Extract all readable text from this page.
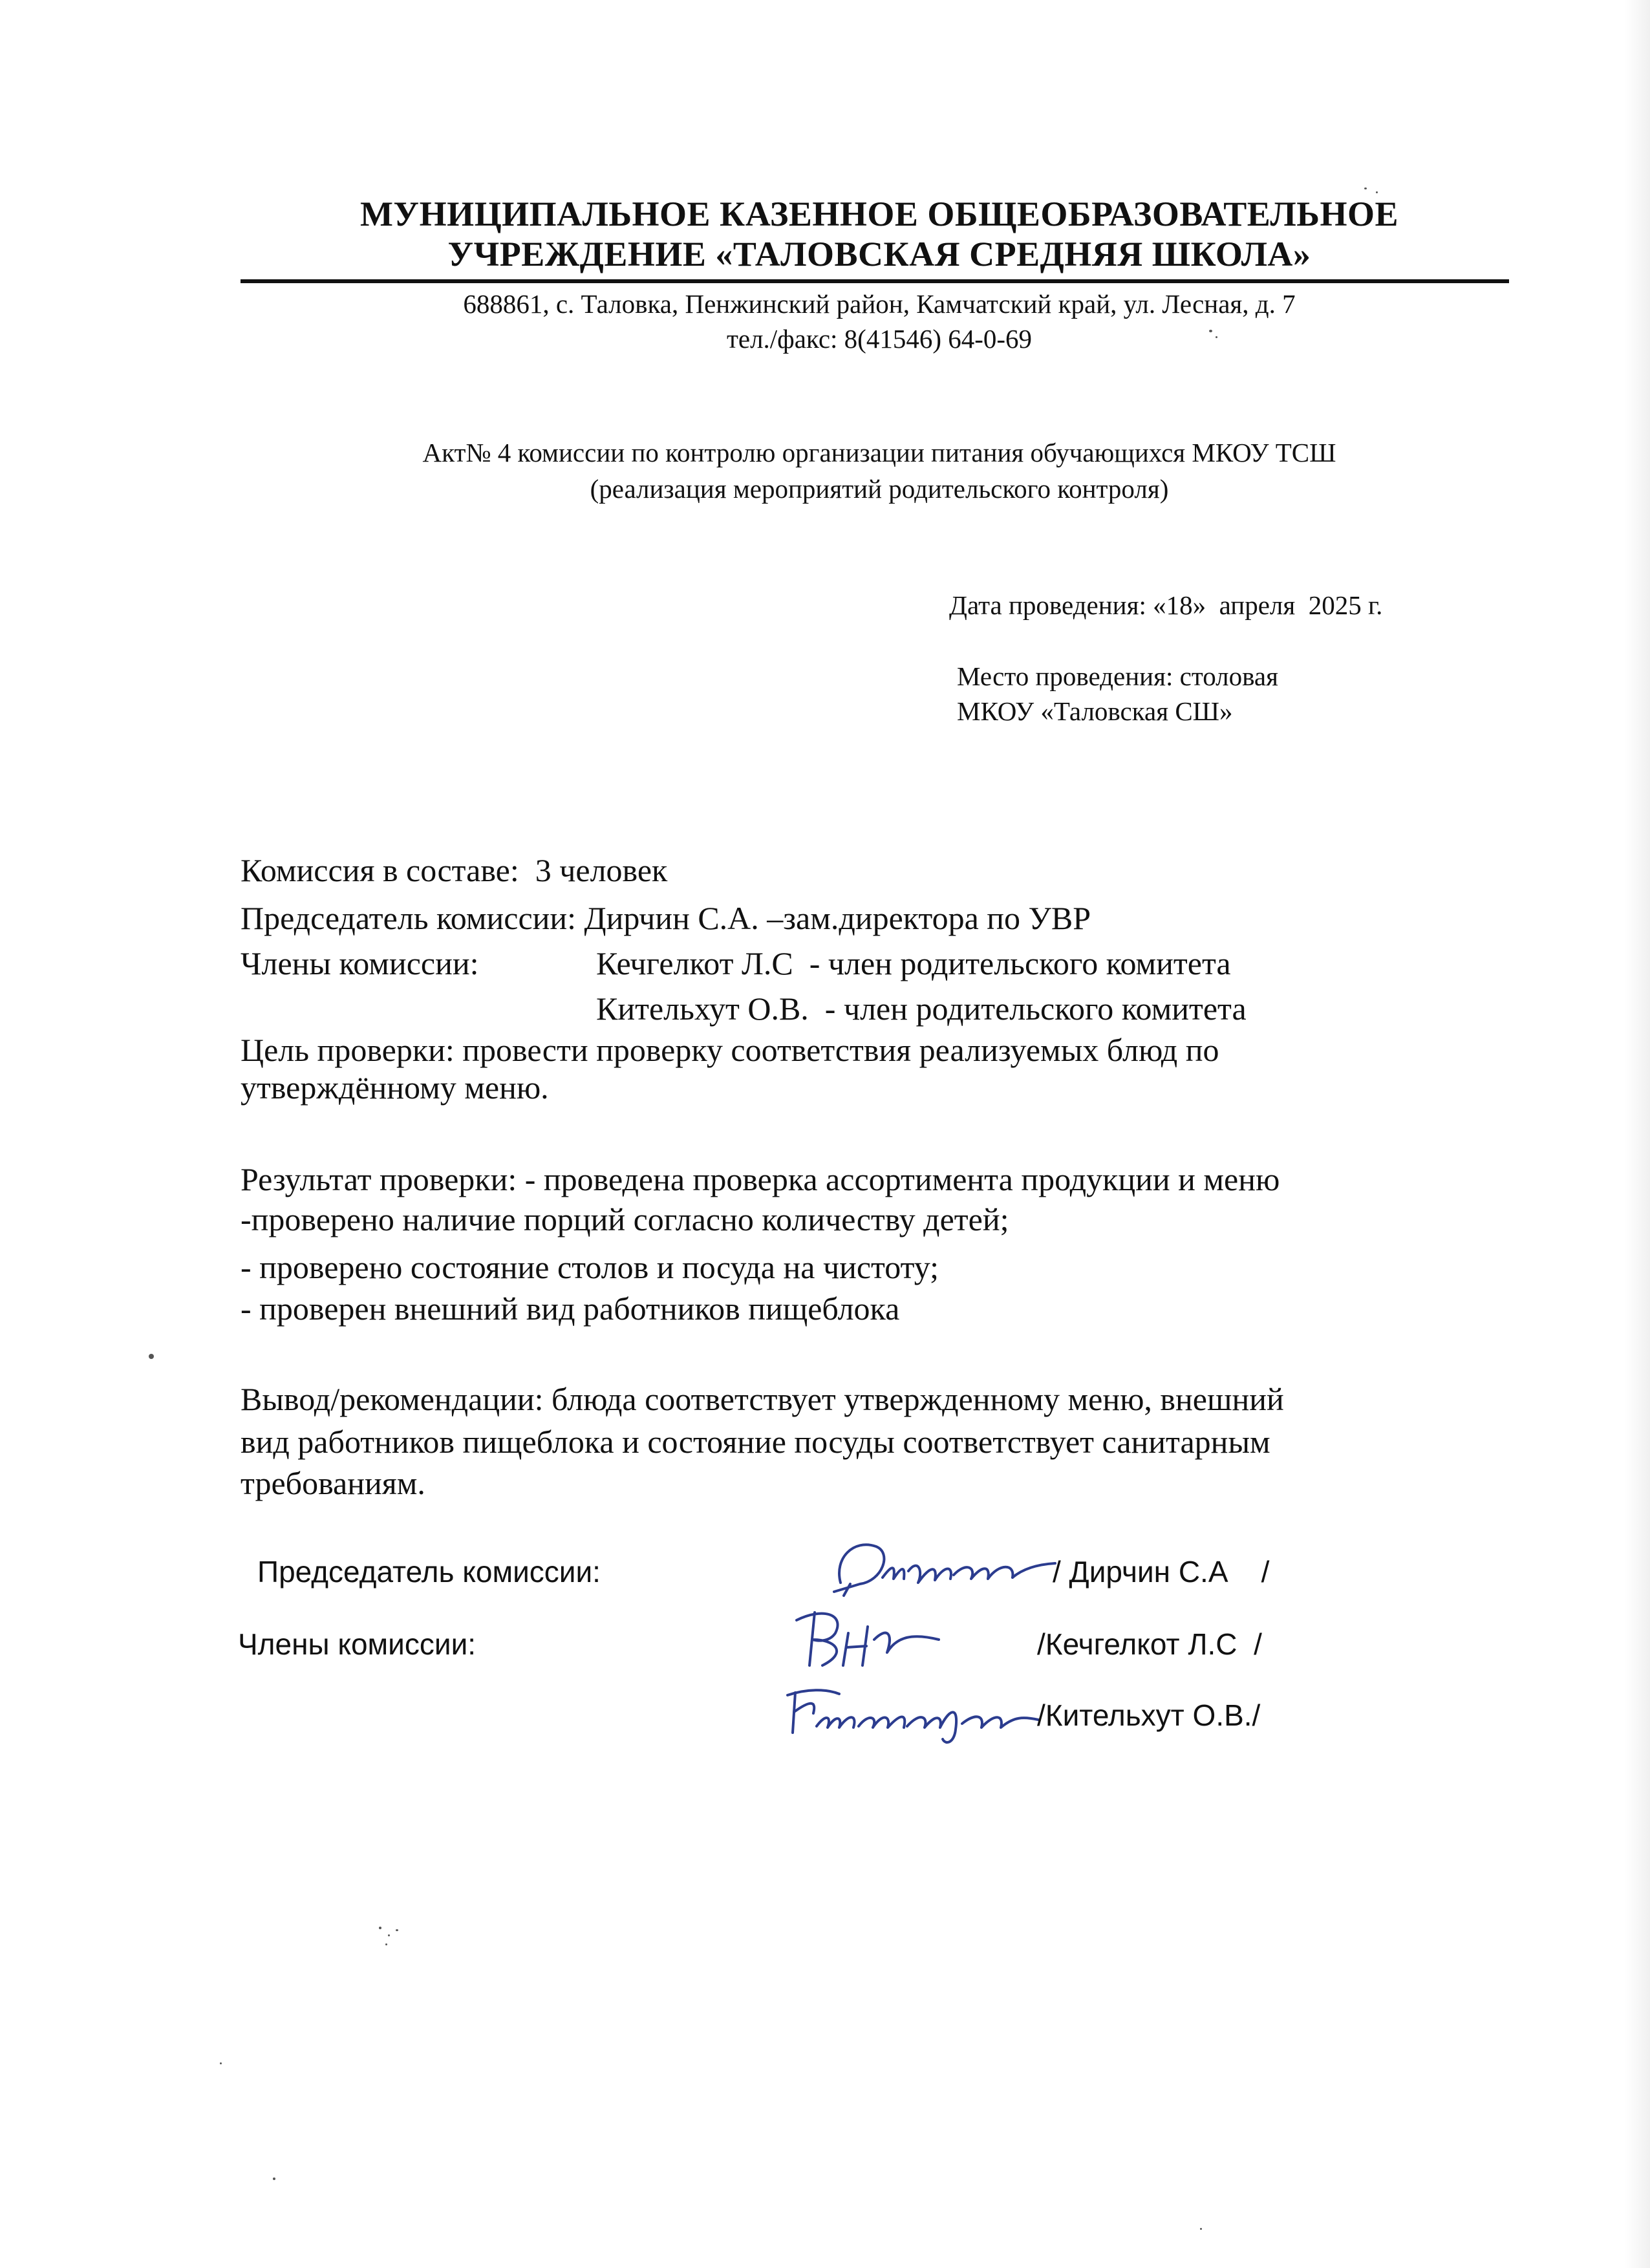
МУНИЦИПАЛЬНОЕ КАЗЕННОЕ ОБЩЕОБРАЗОВАТЕЛЬНОЕ
УЧРЕЖДЕНИЕ «ТАЛОВСКАЯ СРЕДНЯЯ ШКОЛА»
688861, с. Таловка, Пенжинский район, Камчатский край, ул. Лесная, д. 7
тел./факс: 8(41546) 64-0-69
Акт№ 4 комиссии по контролю организации питания обучающихся МКОУ ТСШ
(реализация мероприятий родительского контроля)
Дата проведения: «18»  апреля  2025 г.
Место проведения: столовая
МКОУ «Таловская СШ»
Комиссия в составе:  3 человек
Председатель комиссии: Дирчин С.А. –зам.директора по УВР
Члены комиссии:	Кечгелкот Л.С  - член родительского комитета
Кительхут О.В.  - член родительского комитета
Цель проверки: провести проверку соответствия реализуемых блюд по
утверждённому меню.
Результат проверки: - проведена проверка ассортимента продукции и меню
-проверено наличие порций согласно количеству детей;
- проверено состояние столов и посуда на чистоту;
- проверен внешний вид работников пищеблока
Вывод/рекомендации: блюда соответствует утвержденному меню, внешний
вид работников пищеблока и состояние посуды соответствует санитарным
требованиям.
Председатель комиссии:	/ Дирчин С.А    /
Члены комиссии:	/Кечгелкот Л.С  /
/Кительхут О.В./
